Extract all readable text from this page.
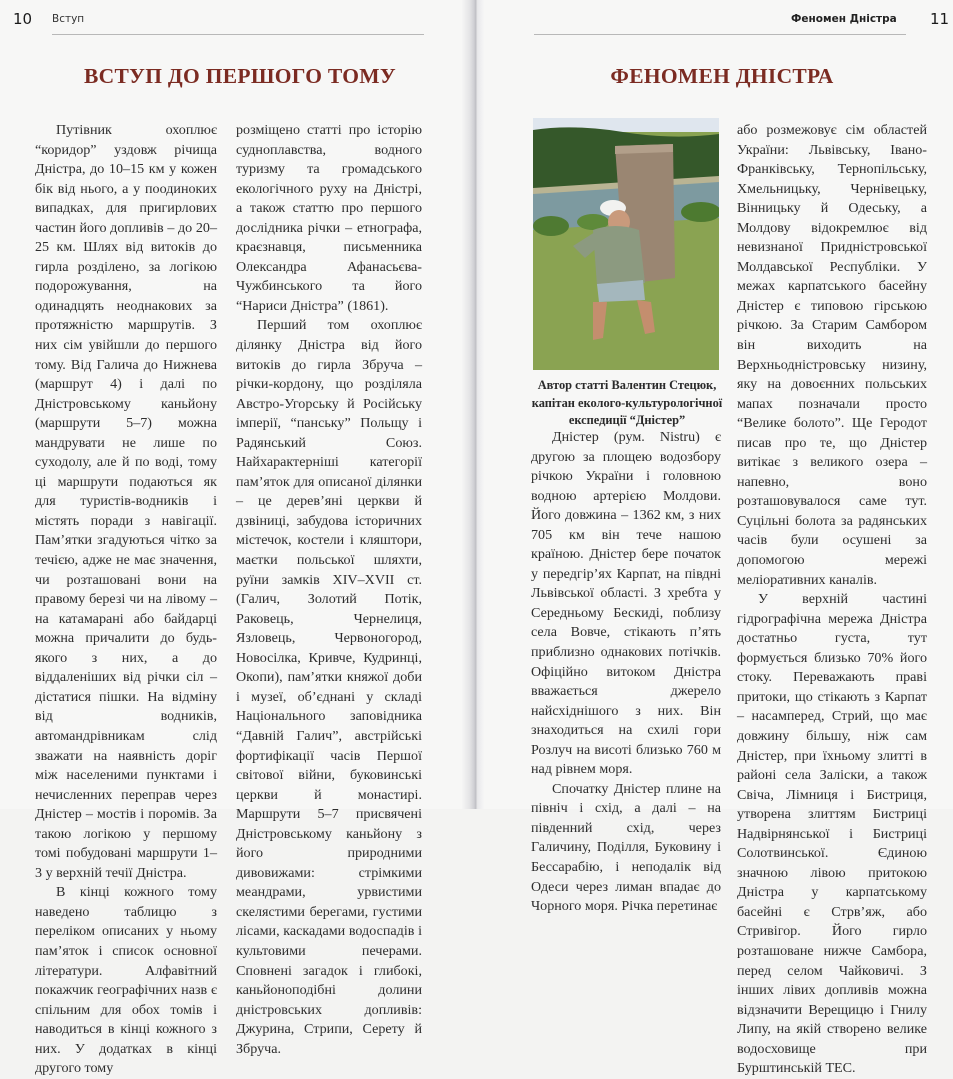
10 Вступ
ВСТУП ДО ПЕРШОГО ТОМУ

Путівник охоплює “коридор” уздовж річища Дністра, до 10–15 км у кожен бік від нього, а у поодиноких випадках, для пригирлових частин його допливів – до 20–25 км. Шлях від витоків до гирла розділено, за логікою подорожування, на одинадцять неоднакових за протяжністю маршрутів. З них сім увійшли до першого тому. Від Галича до Нижнева (маршрут 4) і далі по Дністровському каньйону (маршрути 5–7) можна мандрувати не лише по суходолу, але й по воді, тому ці маршрути подаються як для туристів-водників і містять поради з навігації. Пам’ятки згадуються чітко за течією, адже не має значення, чи розташовані вони на правому березі чи на лівому – на катамарані або байдарці можна причалити до будь-якого з них, а до віддаленіших від річки сіл – дістатися пішки. На відміну від водників, автомандрівникам слід зважати на наявність доріг між населеними пунктами і нечисленних переправ через Дністер – мостів і поромів. За такою логікою у першому томі побудовані маршрути 1–3 у верхній течії Дністра.

В кінці кожного тому наведено таблицю з переліком описаних у ньому пам’яток і список основної літератури. Алфавітний покажчик географічних назв є спільним для обох томів і наводиться в кінці кожного з них. У додатках в кінці другого тому

розміщено статті про історію судноплавства, водного туризму та громадського екологічного руху на Дністрі, а також статтю про першого дослідника річки – етнографа, краєзнавця, письменника Олександра Афанасьєва-Чужбинського та його “Нариси Дністра” (1861).

Перший том охоплює ділянку Дністра від його витоків до гирла Збруча – річки-кордону, що розділяла Австро-Угорську й Російську імперії, “панську” Польщу і Радянський Союз. Найхарактерніші категорії пам’яток для описаної ділянки – це дерев’яні церкви й дзвіниці, забудова історичних містечок, костели і кляштори, маєтки польської шляхти, руїни замків XIV–XVII ст. (Галич, Золотий Потік, Раковець, Чернелиця, Язловець, Червоногород, Новосілка, Кривче, Кудринці, Окопи), пам’ятки княжої доби і музеї, об’єднані у складі Національного заповідника “Давній Галич”, австрійські фортифікації часів Першої світової війни, буковинські церкви й монастирі. Маршрути 5–7 присвячені Дністровському каньйону з його природними дивовижами: стрімкими меандрами, урвистими скелястими берегами, густими лісами, каскадами водоспадів і культовими печерами. Сповнені загадок і глибокі, каньйоноподібні долини дністровських допливів: Джурина, Стрипи, Серету й Збруча.

Феномен Дністра 11
ФЕНОМЕН ДНІСТРА
Автор статті Валентин Стецюк,
капітан еколого-культурологічної
експедиції “Дністер”

Дністер (рум. Nistru) є другою за площею водозбору річкою України і головною водною артерією Молдови. Його довжина – 1362 км, з них 705 км він тече нашою країною. Дністер бере початок у передгір’ях Карпат, на півдні Львівської області. З хребта у Середньому Бескиді, поблизу села Вовче, стікають п’ять приблизно однакових потічків. Офіційно витоком Дністра вважається джерело найсхіднішого з них. Він знаходиться на схилі гори Розлуч на висоті близько 760 м над рівнем моря.

Спочатку Дністер плине на північ і схід, а далі – на південний схід, через Галичину, Поділля, Буковину і Бессарабію, і неподалік від Одеси через лиман впадає до Чорного моря. Річка перетинає

або розмежовує сім областей України: Львівську, Івано-Франківську, Тернопільську, Хмельницьку, Чернівецьку, Вінницьку й Одеську, а Молдову відокремлює від невизнаної Придністровської Молдавської Республіки. У межах карпатського басейну Дністер є типовою гірською річкою. За Старим Самбором він виходить на Верхньодністровську низину, яку на довоєнних польських мапах позначали просто “Велике болото”. Ще Геродот писав про те, що Дністер витікає з великого озера – напевно, воно розташовувалося саме тут. Суцільні болота за радянських часів були осушені за допомогою мережі меліоративних каналів.

У верхній частині гідрографічна мережа Дністра достатньо густа, тут формується близько 70% його стоку. Переважають праві притоки, що стікають з Карпат – насамперед, Стрий, що має довжину більшу, ніж сам Дністер, при їхньому злитті в районі села Заліски, а також Свіча, Лімниця і Бистриця, утворена злиттям Бистриці Надвірнянської і Бистриці Солотвинської. Єдиною значною лівою притокою Дністра у карпатському басейні є Стрв’яж, або Стривігор. Його гирло розташоване нижче Самбора, перед селом Чайковичі. З інших лівих допливів можна відзначити Верещицю і Гнилу Липу, на якій створено велике водосховище при Бурштинській ТЕС.
